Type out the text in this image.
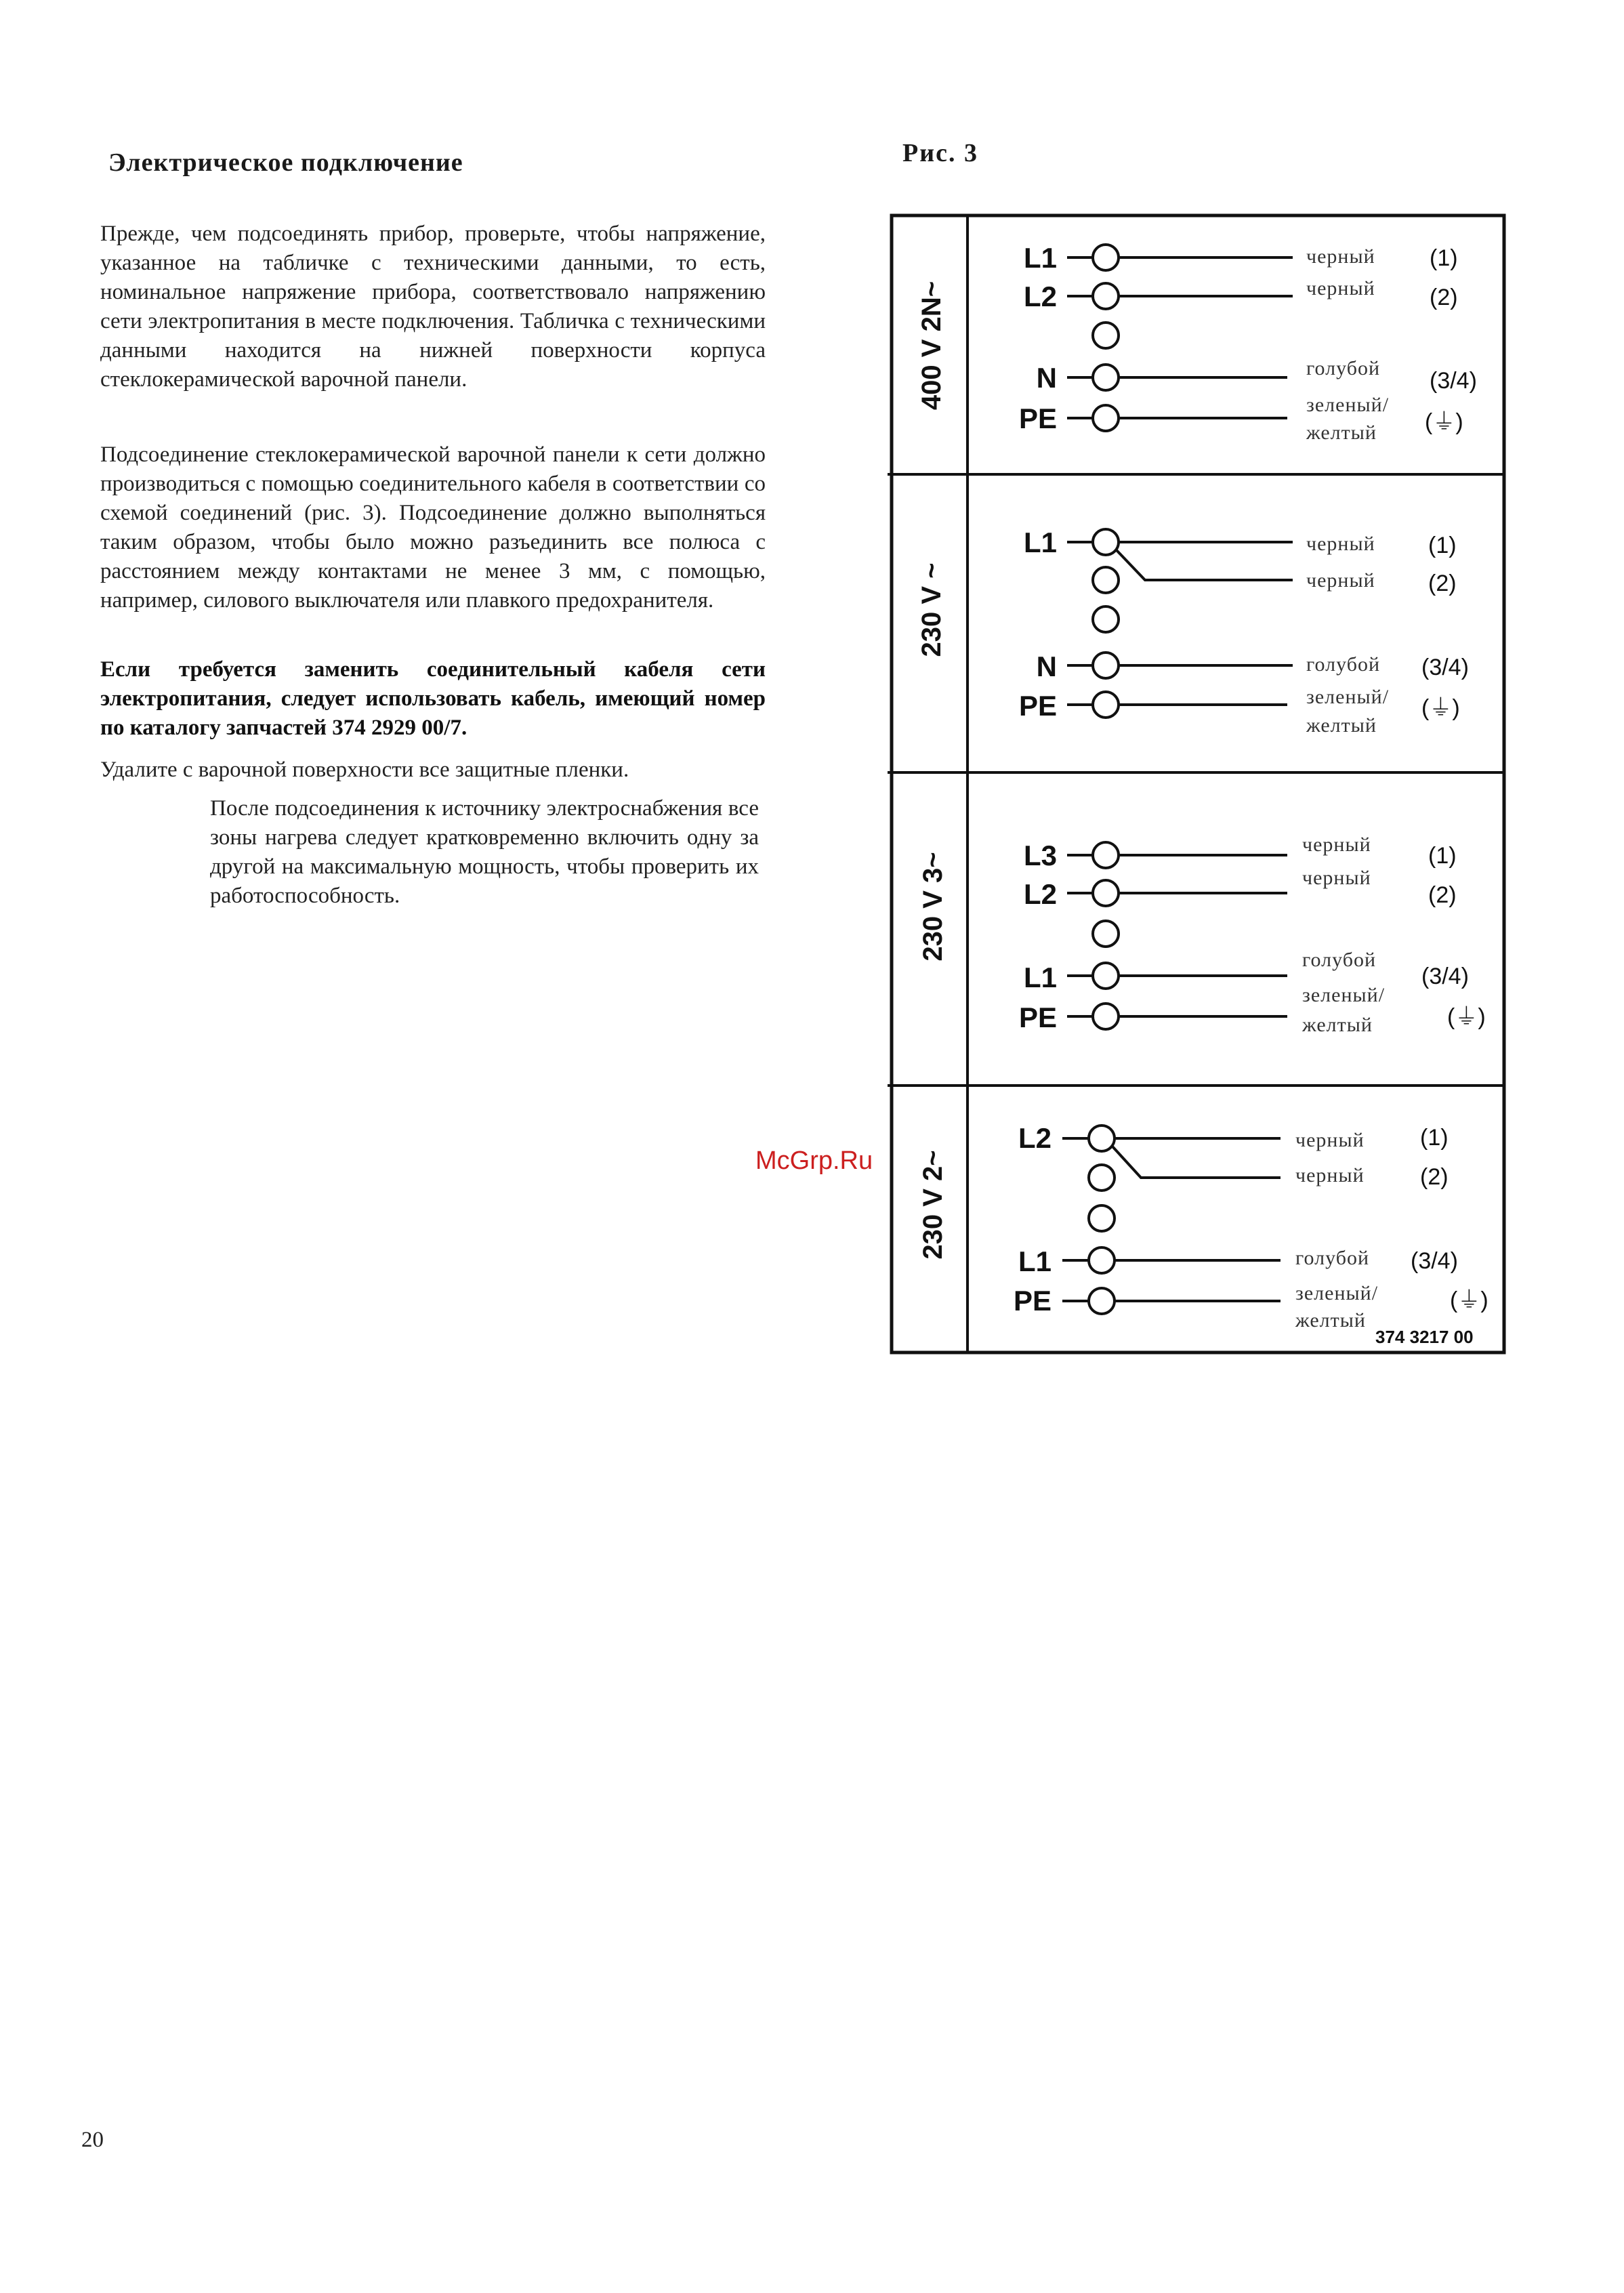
Электрическое подключение	Рис. 3

Прежде, чем подсоединять прибор, проверьте, чтобы напряжение, указанное на табличке с техническими данными, то есть, номинальное напряжение прибора, соответствовало напряжению сети электропитания в месте подключения. Табличка с техническими данными находится на нижней поверхности корпуса стеклокерамической варочной панели.

Подсоединение стеклокерамической варочной панели к сети должно производиться с помощью соединительного кабеля в соответствии со схемой соединений (рис. 3). Подсоединение должно выполняться таким образом, чтобы было можно разъединить все полюса с расстоянием между контактами не менее 3 мм, с помощью, например, силового выключателя или плавкого предохранителя.

Если требуется заменить соединительный кабеля сети электропитания, следует использовать кабель, имеющий номер по каталогу запчастей 374 2929 00/7.

Удалите с варочной поверхности все защитные пленки.

После подсоединения к источнику электроснабжения все зоны нагрева следует кратковременно включить одну за другой на максимальную мощность, чтобы проверить их работоспособность.

400 V 2N~
L1
L2
N
PE
черный
черный
голубой
зеленый/
желтый
(1)
(2)
(3/4)
(⏚)
230 V ~
L1
N
PE
черный
черный
голубой
зеленый/
желтый
(1)
(2)
(3/4)
(⏚)
230 V 3~	L3
L2
L1
PE
черный
черный
голубой
зеленый/
желтый
(1)
(2)
(3/4)
(⏚)
230 V 2~
L2
L1
PE
черный
черный
голубой
зеленый/
желтый
(1)
(2)
(3/4)
(⏚)
374 3217 00
McGrp.Ru
20
